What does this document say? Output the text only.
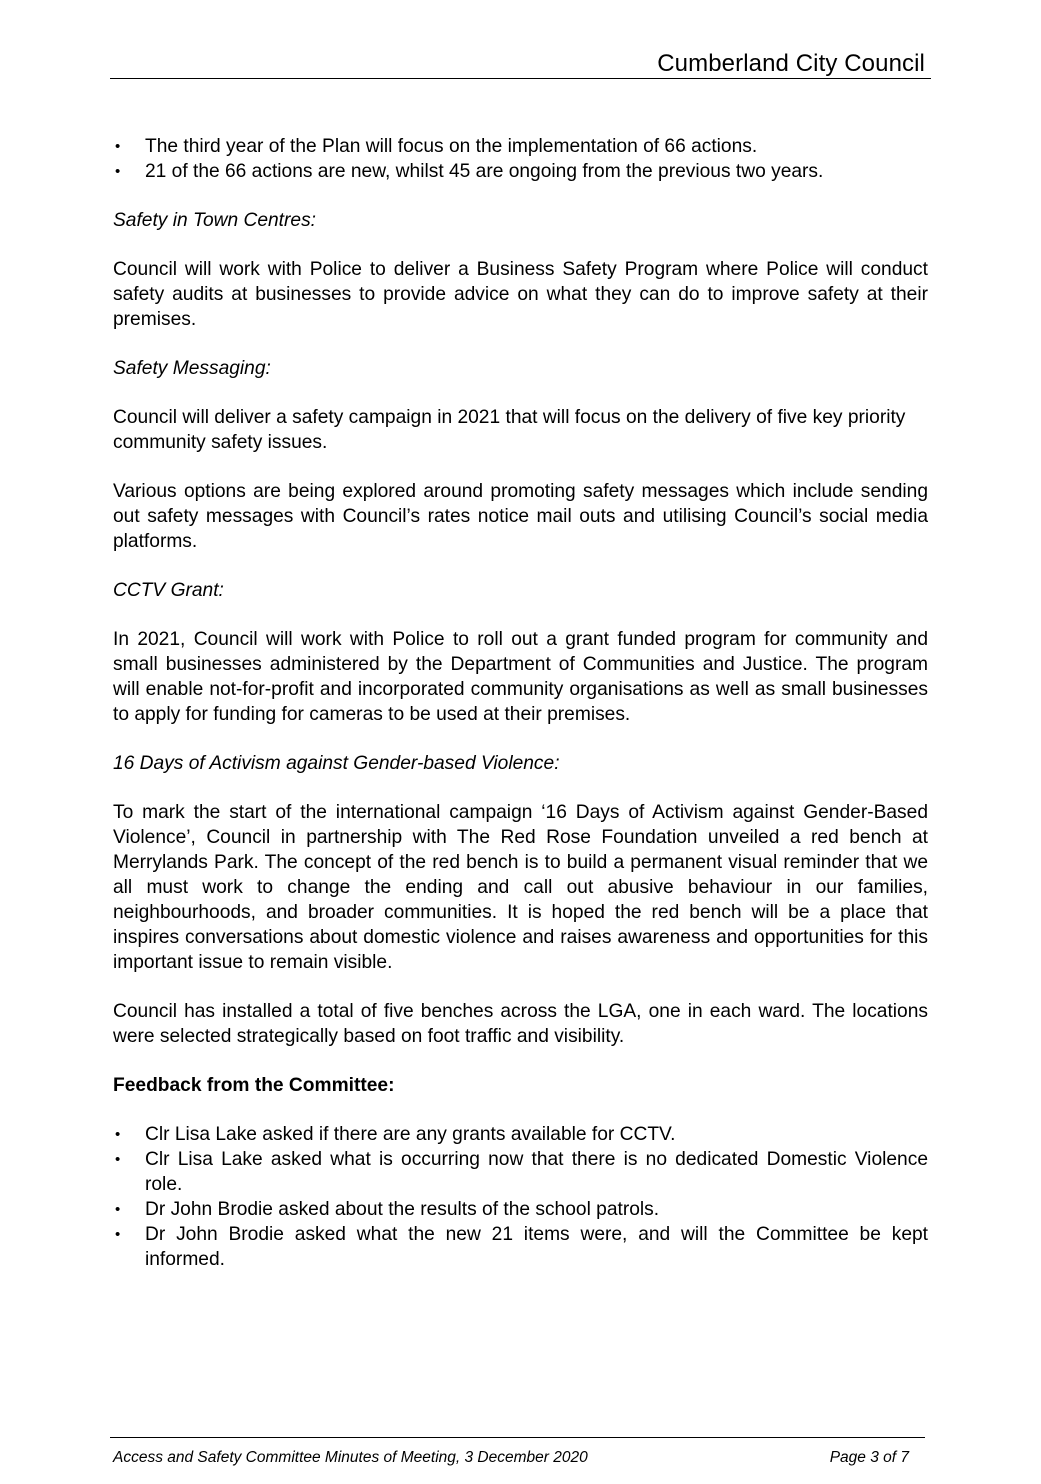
Cumberland City Council
• The third year of the Plan will focus on the implementation of 66 actions.
• 21 of the 66 actions are new, whilst 45 are ongoing from the previous two years.

Safety in Town Centres:

Council will work with Police to deliver a Business Safety Program where Police will conduct safety audits at businesses to provide advice on what they can do to improve safety at their premises.

Safety Messaging:

Council will deliver a safety campaign in 2021 that will focus on the delivery of five key priority community safety issues.

Various options are being explored around promoting safety messages which include sending out safety messages with Council’s rates notice mail outs and utilising Council’s social media platforms.

CCTV Grant:

In 2021, Council will work with Police to roll out a grant funded program for community and small businesses administered by the Department of Communities and Justice. The program will enable not-for-profit and incorporated community organisations as well as small businesses to apply for funding for cameras to be used at their premises.

16 Days of Activism against Gender-based Violence:

To mark the start of the international campaign ‘16 Days of Activism against Gender-Based Violence’, Council in partnership with The Red Rose Foundation unveiled a red bench at Merrylands Park. The concept of the red bench is to build a permanent visual reminder that we all must work to change the ending and call out abusive behaviour in our families, neighbourhoods, and broader communities. It is hoped the red bench will be a place that inspires conversations about domestic violence and raises awareness and opportunities for this important issue to remain visible.

Council has installed a total of five benches across the LGA, one in each ward. The locations were selected strategically based on foot traffic and visibility.

Feedback from the Committee:

• Clr Lisa Lake asked if there are any grants available for CCTV.
• Clr Lisa Lake asked what is occurring now that there is no dedicated Domestic Violence role.
• Dr John Brodie asked about the results of the school patrols.
• Dr John Brodie asked what the new 21 items were, and will the Committee be kept informed.
Access and Safety Committee Minutes of Meeting, 3 December 2020	Page 3 of 7
